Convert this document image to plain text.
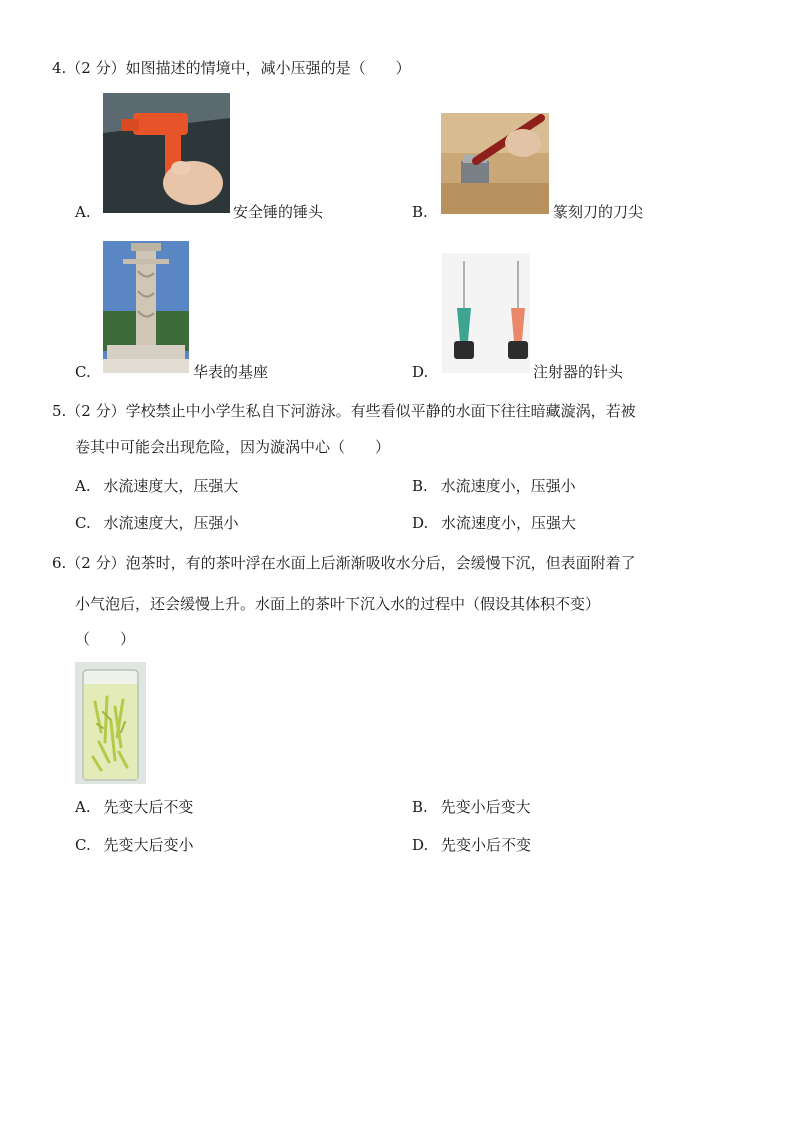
4.（2 分）如图描述的情境中，减小压强的是（　　）
A.	安全锤的锤头	B.	篆刻刀的刀尖
C.	华表的基座	D.	注射器的针头
5.（2 分）学校禁止中小学生私自下河游泳。有些看似平静的水面下往往暗藏漩涡，若被
卷其中可能会出现危险，因为漩涡中心（　　）
A. 水流速度大，压强大	B. 水流速度小，压强小
C. 水流速度大，压强小	D. 水流速度小，压强大
6.（2 分）泡茶时，有的茶叶浮在水面上后渐渐吸收水分后，会缓慢下沉，但表面附着了
小气泡后，还会缓慢上升。水面上的茶叶下沉入水的过程中（假设其体积不变）
（　　）
A. 先变大后不变	B. 先变小后变大
C. 先变大后变小	D. 先变小后不变
